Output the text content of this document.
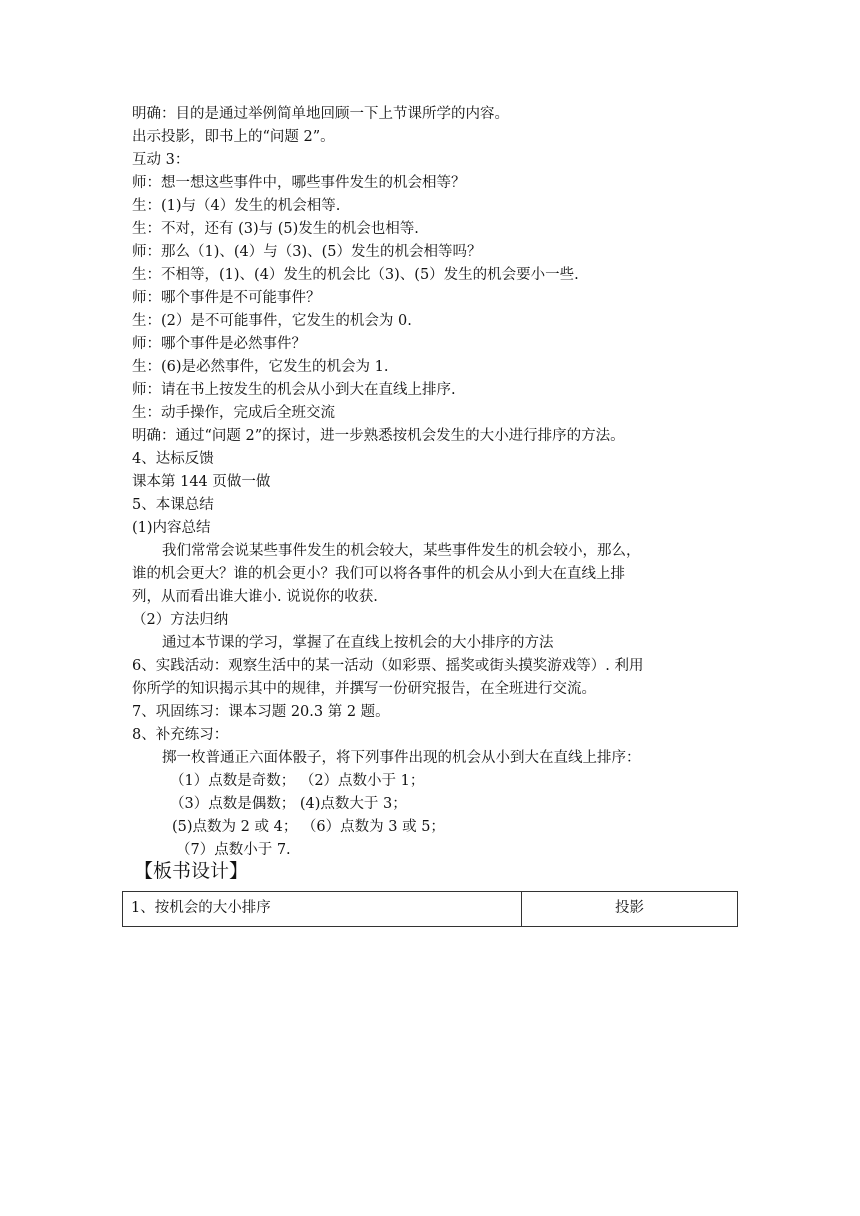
明确：目的是通过举例简单地回顾一下上节课所学的内容。
出示投影，即书上的“问题 2”。
互动 3：
师：想一想这些事件中，哪些事件发生的机会相等？
生：(1)与（4）发生的机会相等.
生：不对，还有 (3)与 (5)发生的机会也相等.
师：那么（1)、(4）与（3)、(5）发生的机会相等吗？
生：不相等，(1)、(4）发生的机会比（3)、(5）发生的机会要小一些.
师：哪个事件是不可能事件？
生：(2）是不可能事件，它发生的机会为 0.
师：哪个事件是必然事件？
生：(6)是必然事件，它发生的机会为 1.
师：请在书上按发生的机会从小到大在直线上排序.
生：动手操作，完成后全班交流
明确：通过“问题 2”的探讨，进一步熟悉按机会发生的大小进行排序的方法。
4、达标反馈
课本第 144 页做一做
5、本课总结
(1)内容总结
我们常常会说某些事件发生的机会较大，某些事件发生的机会较小，那么，
谁的机会更大？谁的机会更小？我们可以将各事件的机会从小到大在直线上排
列，从而看出谁大谁小. 说说你的收获.
（2）方法归纳
通过本节课的学习，掌握了在直线上按机会的大小排序的方法
6、实践活动：观察生活中的某一活动（如彩票、摇奖或街头摸奖游戏等）. 利用
你所学的知识揭示其中的规律，并撰写一份研究报告，在全班进行交流。
7、巩固练习：课本习题 20.3 第 2 题。
8、补充练习：
掷一枚普通正六面体骰子，将下列事件出现的机会从小到大在直线上排序：
（1）点数是奇数； （2）点数小于 1；
（3）点数是偶数； (4)点数大于 3；
(5)点数为 2 或 4； （6）点数为 3 或 5；
（7）点数小于 7.
【板书设计】
1、按机会的大小排序	投影
